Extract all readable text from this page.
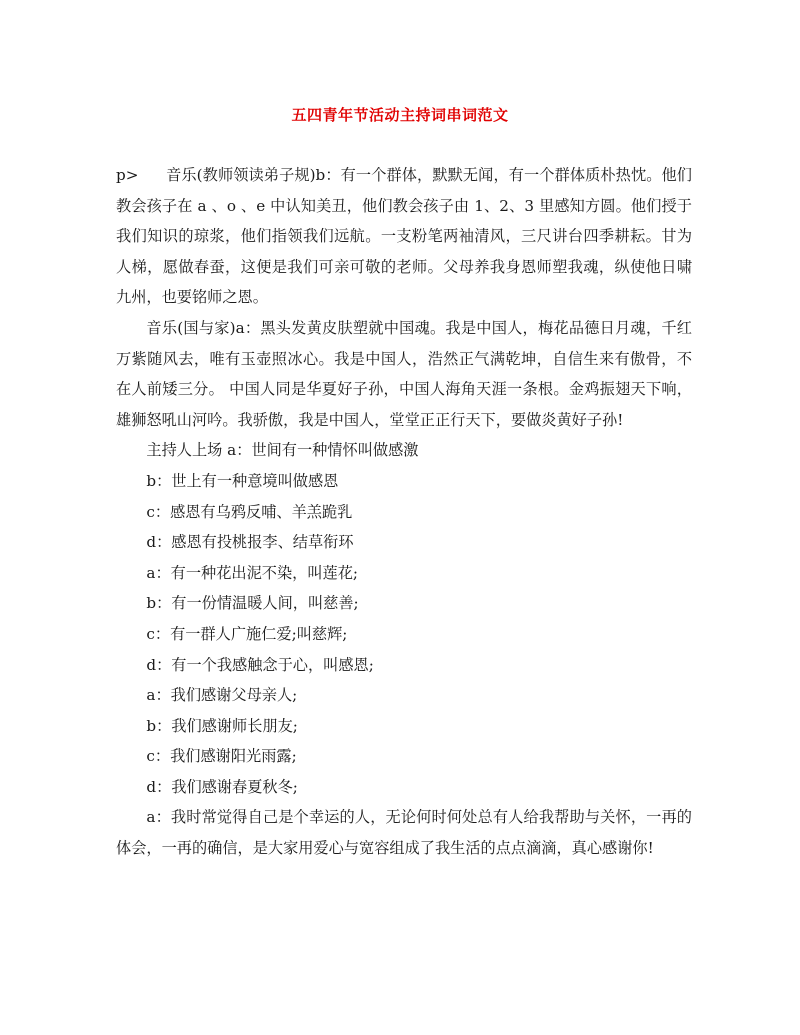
五四青年节活动主持词串词范文

p> 音乐(教师领读弟子规)b：有一个群体，默默无闻，有一个群体质朴热忱。他们教会孩子在 a 、o 、e 中认知美丑，他们教会孩子由 1、2、3 里感知方圆。他们授于我们知识的琼浆，他们指领我们远航。一支粉笔两袖清风，三尺讲台四季耕耘。甘为人梯，愿做春蚕，这便是我们可亲可敬的老师。父母养我身恩师塑我魂，纵使他日啸九州，也要铭师之恩。

音乐(国与家)a：黑头发黄皮肤塑就中国魂。我是中国人，梅花品德日月魂，千红万紫随风去，唯有玉壶照冰心。我是中国人，浩然正气满乾坤，自信生来有傲骨，不在人前矮三分。 中国人同是华夏好子孙，中国人海角天涯一条根。金鸡振翅天下响，雄狮怒吼山河吟。我骄傲，我是中国人，堂堂正正行天下，要做炎黄好子孙!

主持人上场 a：世间有一种情怀叫做感激

b：世上有一种意境叫做感恩

c：感恩有乌鸦反哺、羊羔跪乳

d：感恩有投桃报李、结草衔环

a：有一种花出泥不染，叫莲花;

b：有一份情温暖人间，叫慈善;

c：有一群人广施仁爱;叫慈辉;

d：有一个我感触念于心，叫感恩;

a：我们感谢父母亲人;

b：我们感谢师长朋友;

c：我们感谢阳光雨露;

d：我们感谢春夏秋冬;

a：我时常觉得自己是个幸运的人，无论何时何处总有人给我帮助与关怀，一再的体会，一再的确信，是大家用爱心与宽容组成了我生活的点点滴滴，真心感谢你!
